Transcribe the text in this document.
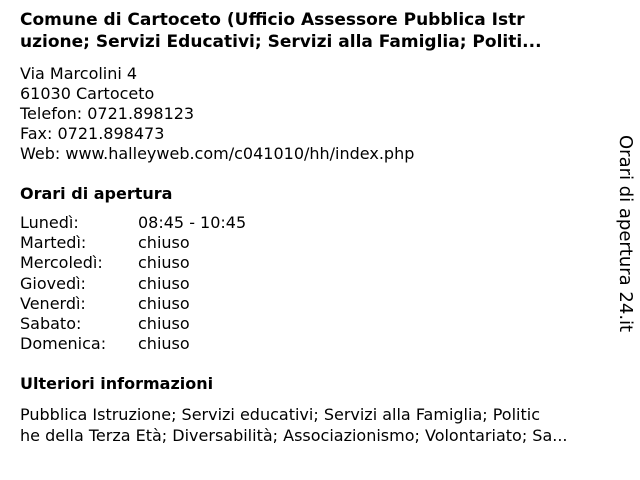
Comune di Cartoceto (Ufficio Assessore Pubblica Istr
uzione; Servizi Educativi; Servizi alla Famiglia; Politi...
Via Marcolini 4
61030 Cartoceto
Telefon: 0721.898123
Fax: 0721.898473
Web: www.halleyweb.com/c041010/hh/index.php
Orari di apertura
Lunedì:	08:45 - 10:45
Martedì:	chiuso
Mercoledì:	chiuso
Giovedì:	chiuso
Venerdì:	chiuso
Sabato:	chiuso
Domenica:	chiuso
Ulteriori informazioni
Pubblica Istruzione; Servizi educativi; Servizi alla Famiglia; Politic
he della Terza Età; Diversabilità; Associazionismo; Volontariato; Sa...
Orari di apertura 24.it
